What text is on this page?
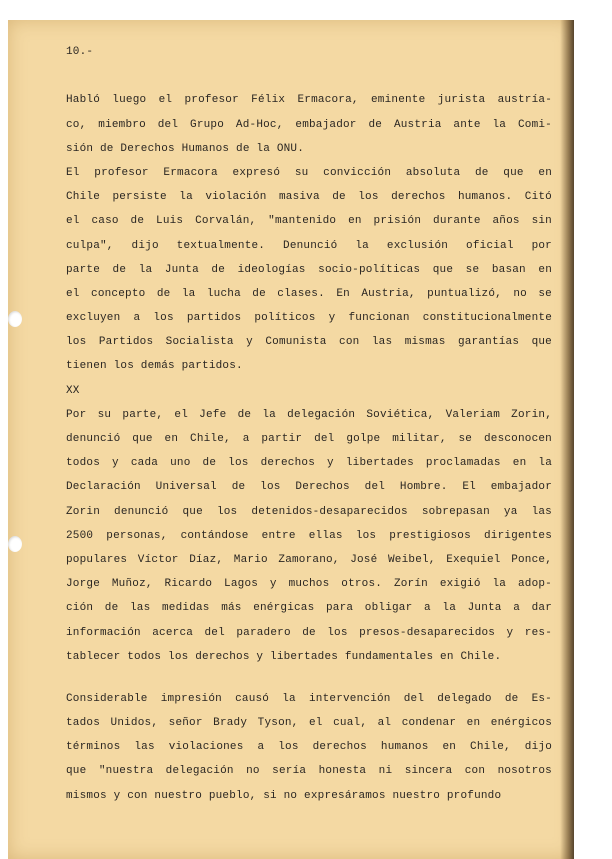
10.-
Habló luego el profesor Félix Ermacora, eminente jurista austría-
co, miembro del Grupo Ad-Hoc, embajador de Austria ante la Comi-
sión de Derechos Humanos de la ONU.
El profesor Ermacora expresó su convicción absoluta de que en
Chile persiste la violación masiva de los derechos humanos. Citó
el caso de Luis Corvalán, "mantenido en prisión durante años sin
culpa", dijo textualmente. Denunció la exclusión oficial por
parte de la Junta de ideologías socio-políticas que se basan en
el concepto de la lucha de clases. En Austria, puntualizó, no se
excluyen a los partidos políticos y funcionan constitucionalmente
los Partidos Socialista y Comunista con las mismas garantías que
tienen los demás partidos.
XX
Por su parte, el Jefe de la delegación Soviética, Valeriam Zorin,
denunció que en Chile, a partir del golpe militar, se desconocen
todos y cada uno de los derechos y libertades proclamadas en la
Declaración Universal de los Derechos del Hombre. El embajador
Zorin denunció que los detenidos-desaparecidos sobrepasan ya las
2500 personas, contándose entre ellas los prestigiosos dirigentes
populares Víctor Díaz, Mario Zamorano, José Weibel, Exequiel Ponce,
Jorge Muñoz, Ricardo Lagos y muchos otros. Zorín exigió la adop-
ción de las medidas más enérgicas para obligar a la Junta a dar
información acerca del paradero de los presos-desaparecidos y res-
tablecer todos los derechos y libertades fundamentales en Chile.
Considerable impresión causó la intervención del delegado de Es-
tados Unidos, señor Brady Tyson, el cual, al condenar en enérgicos
términos las violaciones a los derechos humanos en Chile, dijo
que "nuestra delegación no sería honesta ni sincera con nosotros
mismos y con nuestro pueblo, si no expresáramos nuestro profundo
